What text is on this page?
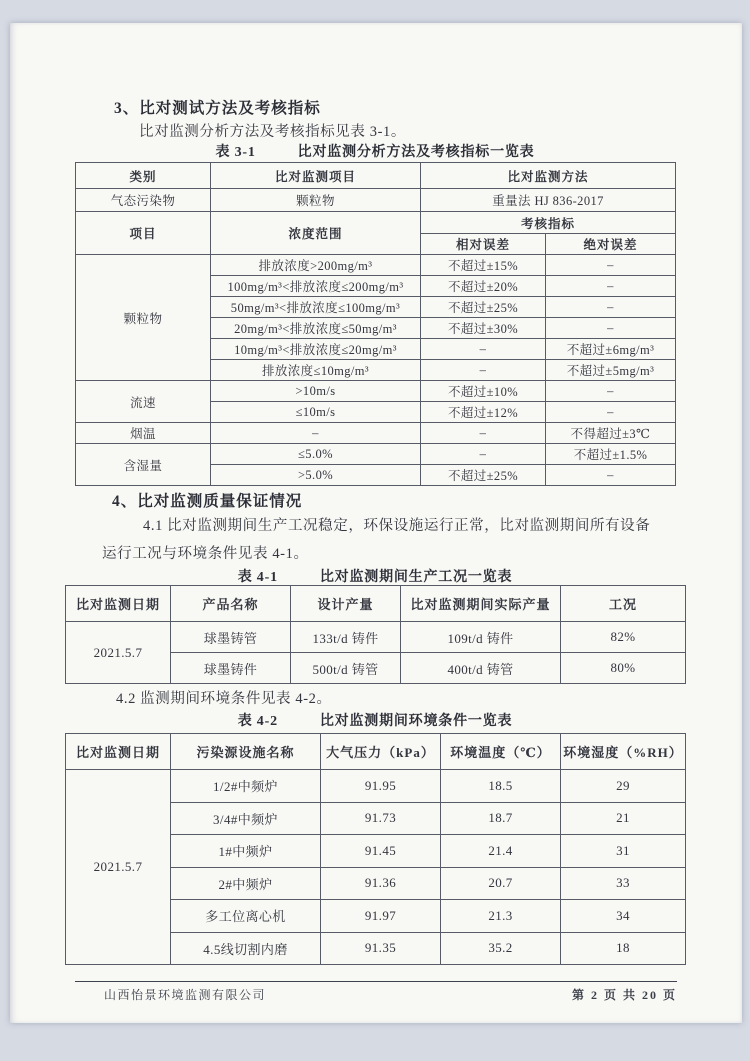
3、比对测试方法及考核指标
比对监测分析方法及考核指标见表 3-1。
表 3-1	比对监测分析方法及考核指标一览表
类别	比对监测项目	比对监测方法	
气态污染物	颗粒物	重量法 HJ 836-2017	
项目	浓度范围	考核指标	
		相对误差	绝对误差
颗粒物	排放浓度>200mg/m³	不超过±15%	–
	100mg/m³<排放浓度≤200mg/m³	不超过±20%	–
	50mg/m³<排放浓度≤100mg/m³	不超过±25%	–
	20mg/m³<排放浓度≤50mg/m³	不超过±30%	–
	10mg/m³<排放浓度≤20mg/m³	–	不超过±6mg/m³
	排放浓度≤10mg/m³	–	不超过±5mg/m³
流速	>10m/s	不超过±10%	–
	≤10m/s	不超过±12%	–
烟温	–	–	不得超过±3℃
含湿量	≤5.0%	–	不超过±1.5%
	>5.0%	不超过±25%	–
4、比对监测质量保证情况
4.1 比对监测期间生产工况稳定，环保设施运行正常，比对监测期间所有设备
运行工况与环境条件见表 4-1。
表 4-1	比对监测期间生产工况一览表
比对监测日期	产品名称	设计产量	比对监测期间实际产量	工况
2021.5.7	球墨铸管	133t/d 铸件	109t/d 铸件	82%
	球墨铸件	500t/d 铸管	400t/d 铸管	80%
4.2 监测期间环境条件见表 4-2。
表 4-2	比对监测期间环境条件一览表
比对监测日期	污染源设施名称	大气压力（kPa）	环境温度（℃）	环境湿度（%RH）
2021.5.7	1/2#中频炉	91.95	18.5	29
	3/4#中频炉	91.73	18.7	21
	1#中频炉	91.45	21.4	31
	2#中频炉	91.36	20.7	33
	多工位离心机	91.97	21.3	34
	4.5线切割内磨	91.35	35.2	18
山西怡景环境监测有限公司	第 2 页 共 20 页
